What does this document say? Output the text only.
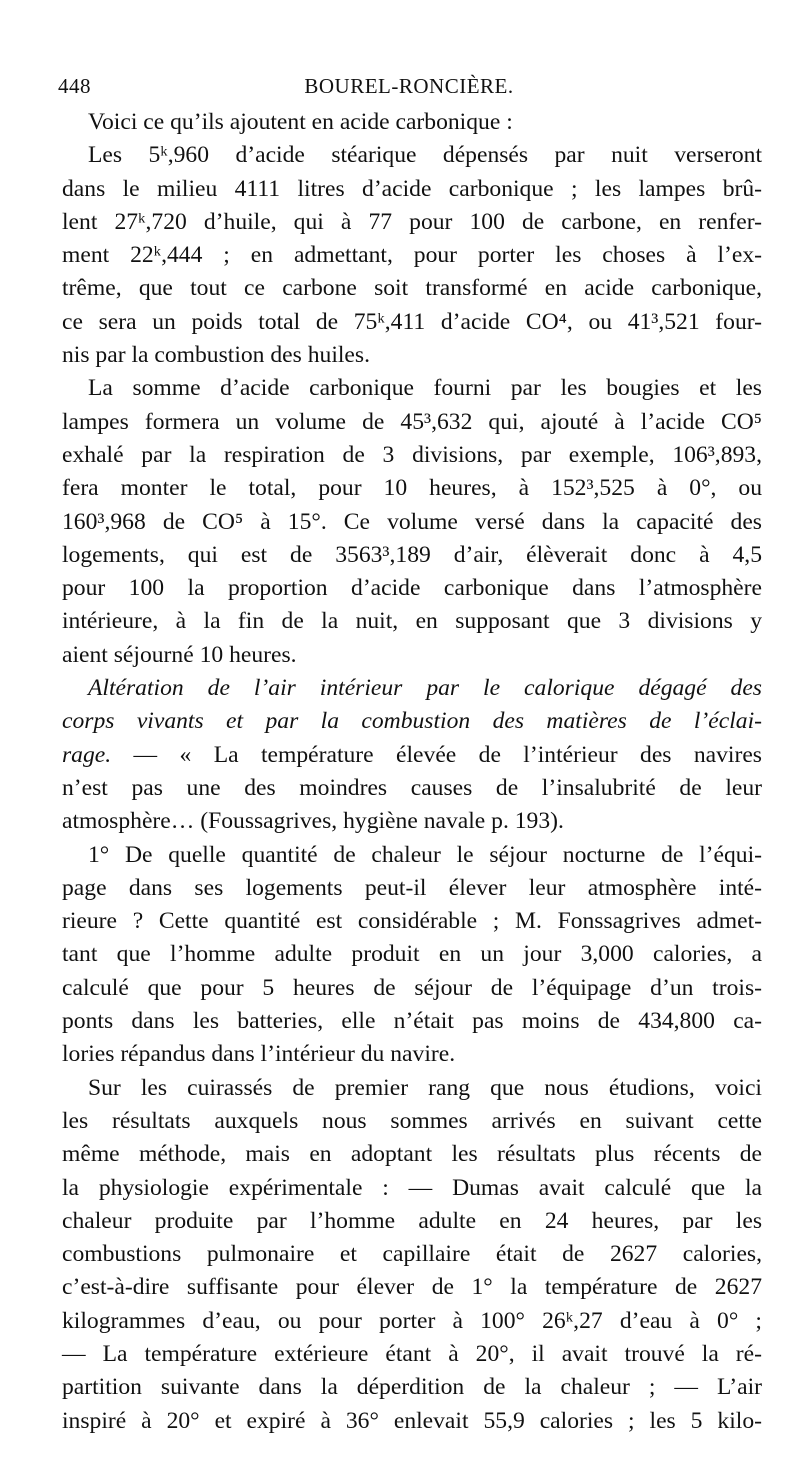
448	BOUREL-RONCIÈRE.

Voici ce qu’ils ajoutent en acide carbonique :

Les 5ᵏ,960 d’acide stéarique dépensés par nuit verseront

dans le milieu 4111 litres d’acide carbonique ; les lampes brû-

lent 27ᵏ,720 d’huile, qui à 77 pour 100 de carbone, en renfer-

ment 22ᵏ,444 ; en admettant, pour porter les choses à l’ex-

trême, que tout ce carbone soit transformé en acide carbonique,

ce sera un poids total de 75ᵏ,411 d’acide CO⁴, ou 41³,521 four-

nis par la combustion des huiles.

La somme d’acide carbonique fourni par les bougies et les

lampes formera un volume de 45³,632 qui, ajouté à l’acide CO⁵

exhalé par la respiration de 3 divisions, par exemple, 106³,893,

fera monter le total, pour 10 heures, à 152³,525 à 0°, ou

160³,968 de CO⁵ à 15°. Ce volume versé dans la capacité des

logements, qui est de 3563³,189 d’air, élèverait donc à 4,5

pour 100 la proportion d’acide carbonique dans l’atmosphère

intérieure, à la fin de la nuit, en supposant que 3 divisions y

aient séjourné 10 heures.

Altération de l’air intérieur par le calorique dégagé des

corps vivants et par la combustion des matières de l’éclai-

rage. — « La température élevée de l’intérieur des navires

n’est pas une des moindres causes de l’insalubrité de leur

atmosphère… (Foussagrives, hygiène navale p. 193).

1° De quelle quantité de chaleur le séjour nocturne de l’équi-

page dans ses logements peut-il élever leur atmosphère inté-

rieure ? Cette quantité est considérable ; M. Fonssagrives admet-

tant que l’homme adulte produit en un jour 3,000 calories, a

calculé que pour 5 heures de séjour de l’équipage d’un trois-

ponts dans les batteries, elle n’était pas moins de 434,800 ca-

lories répandus dans l’intérieur du navire.

Sur les cuirassés de premier rang que nous étudions, voici

les résultats auxquels nous sommes arrivés en suivant cette

même méthode, mais en adoptant les résultats plus récents de

la physiologie expérimentale : — Dumas avait calculé que la

chaleur produite par l’homme adulte en 24 heures, par les

combustions pulmonaire et capillaire était de 2627 calories,

c’est-à-dire suffisante pour élever de 1° la température de 2627

kilogrammes d’eau, ou pour porter à 100° 26ᵏ,27 d’eau à 0° ;

— La température extérieure étant à 20°, il avait trouvé la ré-

partition suivante dans la déperdition de la chaleur ; — L’air

inspiré à 20° et expiré à 36° enlevait 55,9 calories ; les 5 kilo-
